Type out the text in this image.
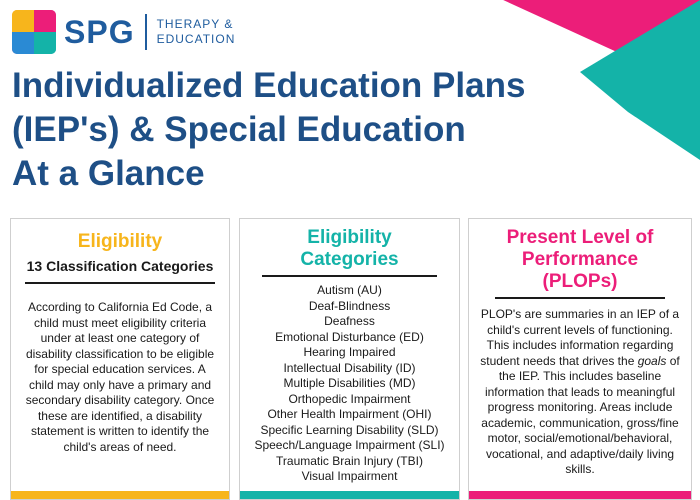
SPG THERAPY &
EDUCATION
Individualized Education Plans
(IEP's) & Special Education
At a Glance
Eligibility
13 Classification Categories

According to California Ed Code, a child must meet eligibility criteria under at least one category of disability classification to be eligible for special education services. A child may only have a primary and secondary disability category. Once these are identified, a disability statement is written to identify the child's areas of need.

Eligibility
Categories
Autism (AU)
Deaf-Blindness
Deafness
Emotional Disturbance (ED)
Hearing Impaired
Intellectual Disability (ID)
Multiple Disabilities (MD)
Orthopedic Impairment
Other Health Impairment (OHI)
Specific Learning Disability (SLD)
Speech/Language Impairment (SLI)
Traumatic Brain Injury (TBI)
Visual Impairment
Present Level of
Performance
(PLOPs)

PLOP's are summaries in an IEP of a child's current levels of functioning. This includes information regarding student needs that drives the goals of the IEP. This includes baseline information that leads to meaningful progress monitoring. Areas include academic, communication, gross/fine motor, social/emotional/behavioral, vocational, and adaptive/daily living skills.
